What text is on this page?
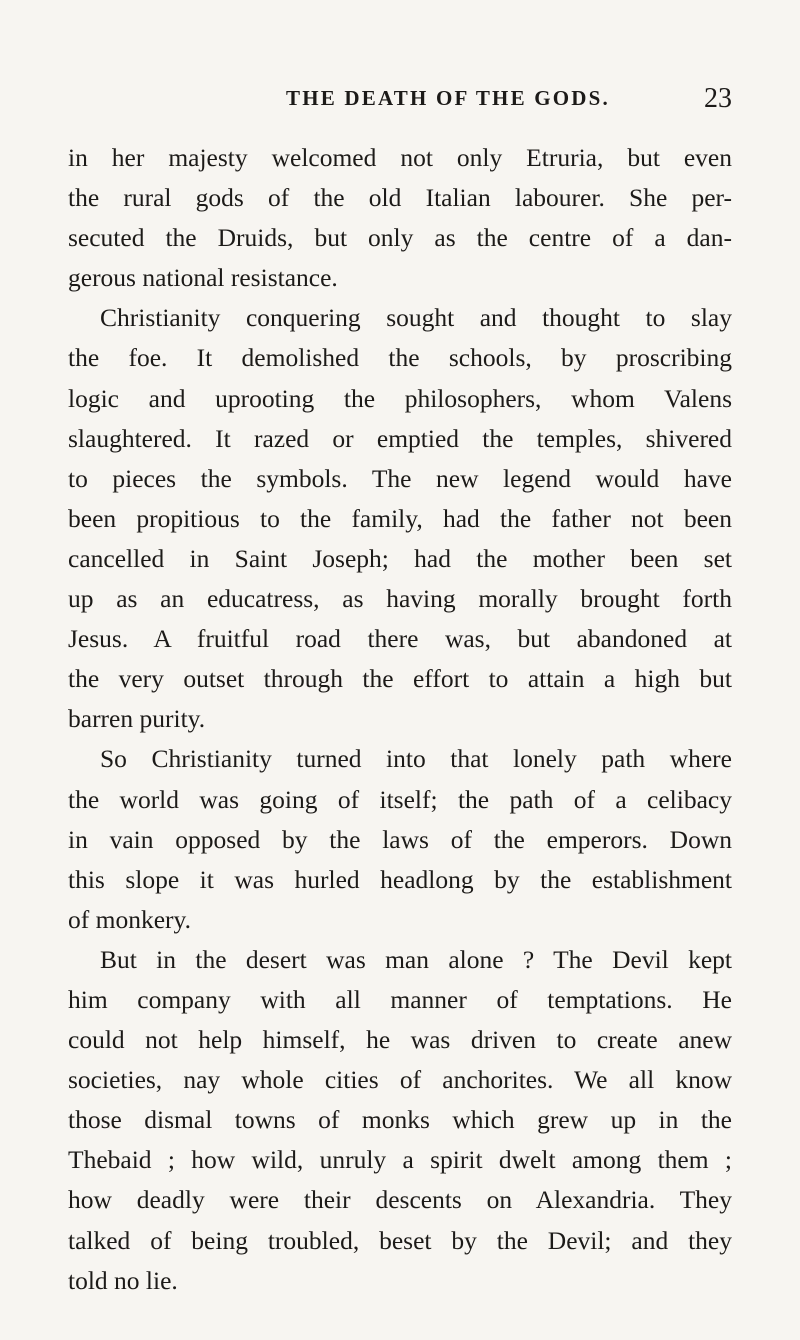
THE DEATH OF THE GODS.	23
in her majesty welcomed not only Etruria, but even
the rural gods of the old Italian labourer. She per-
secuted the Druids, but only as the centre of a dan-
gerous national resistance.
Christianity conquering sought and thought to slay
the foe. It demolished the schools, by proscribing
logic and uprooting the philosophers, whom Valens
slaughtered. It razed or emptied the temples, shivered
to pieces the symbols. The new legend would have
been propitious to the family, had the father not been
cancelled in Saint Joseph; had the mother been set
up as an educatress, as having morally brought forth
Jesus. A fruitful road there was, but abandoned at
the very outset through the effort to attain a high but
barren purity.
So Christianity turned into that lonely path where
the world was going of itself; the path of a celibacy
in vain opposed by the laws of the emperors. Down
this slope it was hurled headlong by the establishment
of monkery.
But in the desert was man alone ? The Devil kept
him company with all manner of temptations. He
could not help himself, he was driven to create anew
societies, nay whole cities of anchorites. We all know
those dismal towns of monks which grew up in the
Thebaid ; how wild, unruly a spirit dwelt among them ;
how deadly were their descents on Alexandria. They
talked of being troubled, beset by the Devil; and they
told no lie.
